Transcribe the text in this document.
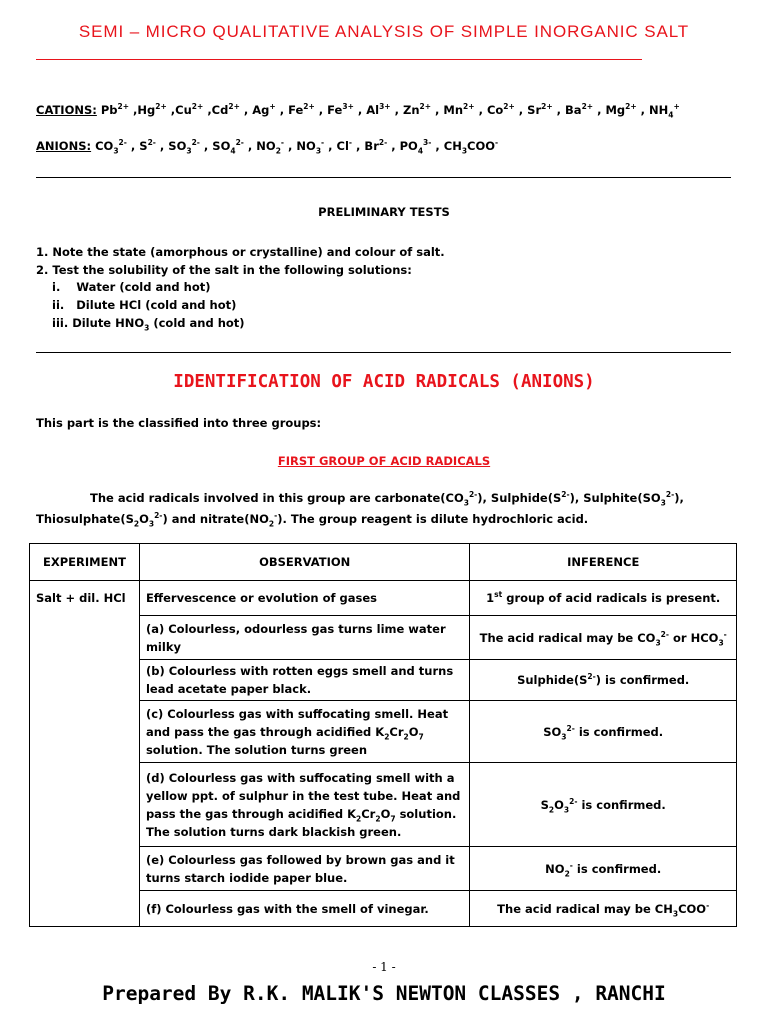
SEMI – MICRO QUALITATIVE ANALYSIS OF SIMPLE INORGANIC SALT
CATIONS: $Pb^{2+}$ $,Hg^{2+}$ $,Cu^{2+}$ $,Cd^{2+}$ , Ag+ , $Fe^{2+}$ , $Fe^{3+}$ , $Al^{3+}$ , $Zn^{2+}$ , $Mn^{2+}$ , $Co^{2+}$ , $Sr^{2+}$ , $Ba^{2+}$ , $Mg^{2+}$ , $NH_4^+$
ANIONS: $CO_3^{2-}$ , $S^{2-}$ , $SO_3^{2-}$ , $SO_4^{2-}$ , $NO_2^-$ , $NO_3^-$ , Cl- , $Br^{2-}$ , $PO_4^{3-}$ , $CH_3COO^-$
PRELIMINARY TESTS
1. Note the state (amorphous or crystalline) and colour of salt.
2. Test the solubility of the salt in the following solutions:
i.    Water (cold and hot)
ii.   Dilute HCl (cold and hot)
iii. Dilute $HNO_3$ (cold and hot)
IDENTIFICATION OF ACID RADICALS (ANIONS)
This part is the classified into three groups:
FIRST GROUP OF ACID RADICALS
The acid radicals involved in this group are $carbonate(CO_3^{2-})$, $Sulphide(S^{2-})$, $Sulphite(SO_3^{2-})$,
$Thiosulphate(S_2O_3^{2-})$ and $nitrate(NO_2^-)$. The group reagent is dilute hydrochloric acid.
EXPERIMENT	OBSERVATION	INFERENCE
Salt + dil. HCl	Effervescence or evolution of gases	1st group of acid radicals is present.
	(a) Colourless, odourless gas turns lime water milky	The acid radical may be $CO_3^{2-}$ or $HCO_3^-$
	(b) Colourless with rotten eggs smell and turns lead acetate paper black.	$Sulphide(S^{2-})$ is confirmed.
	(c) Colourless gas with suffocating smell. Heat and pass the gas through acidified $K_2Cr_2O_7$ solution. The solution turns green	$SO_3^{2-}$ is confirmed.
	(d) Colourless gas with suffocating smell with a yellow ppt. of sulphur in the test tube. Heat and pass the gas through acidified $K_2Cr_2O_7$ solution. The solution turns dark blackish green.	$S_2O_3^{2-}$ is confirmed.
	(e) Colourless gas followed by brown gas and it turns starch iodide paper blue.	$NO_2^-$ is confirmed.
	(f) Colourless gas with the smell of vinegar.	The acid radical may be $CH_3COO^-$
- 1 -
Prepared By R.K. MALIK'S NEWTON CLASSES , RANCHI
